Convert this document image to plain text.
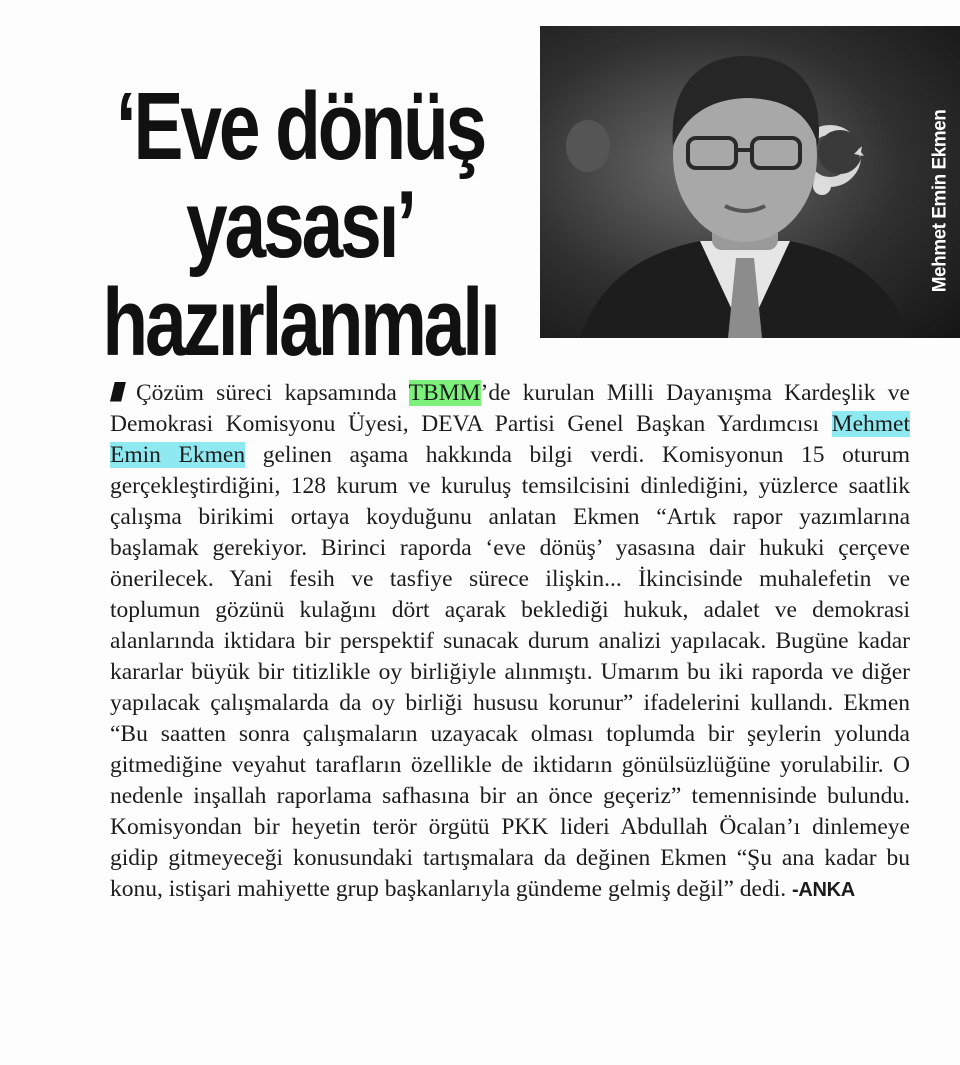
‘Eve dönüş
yasası’
hazırlanmalı
Mehmet Emin Ekmen

Çözüm süreci kapsamında TBMM’de kurulan Milli Dayanışma Kardeşlik ve Demokrasi Komisyonu Üyesi, DEVA Partisi Genel Başkan Yardımcısı Mehmet Emin Ekmen gelinen aşama hakkında bilgi verdi. Komisyonun 15 oturum gerçekleştirdiğini, 128 kurum ve kuruluş temsilcisini dinlediğini, yüzlerce saatlik çalışma birikimi ortaya koyduğunu anlatan Ekmen “Artık rapor yazımlarına başlamak gerekiyor. Birinci raporda ‘eve dönüş’ yasasına dair hukuki çerçeve önerilecek. Yani fesih ve tasfiye sürece ilişkin... İkincisinde muhalefetin ve toplumun gözünü kulağını dört açarak beklediği hukuk, adalet ve demokrasi alanlarında iktidara bir perspektif sunacak durum analizi yapılacak. Bugüne kadar kararlar büyük bir titizlikle oy birliğiyle alınmıştı. Umarım bu iki raporda ve diğer yapılacak çalışmalarda da oy birliği hususu korunur” ifadelerini kullandı. Ekmen “Bu saatten sonra çalışmaların uzayacak olması toplumda bir şeylerin yolunda gitmediğine veyahut tarafların özellikle de iktidarın gönülsüzlüğüne yorulabilir. O nedenle inşallah raporlama safhasına bir an önce geçeriz” temennisinde bulundu. Komisyondan bir heyetin terör örgütü PKK lideri Abdullah Öcalan’ı dinlemeye gidip gitmeyeceği konusundaki tartışmalara da değinen Ekmen “Şu ana kadar bu konu, istişari mahiyette grup başkanlarıyla gündeme gelmiş değil” dedi. -ANKA
